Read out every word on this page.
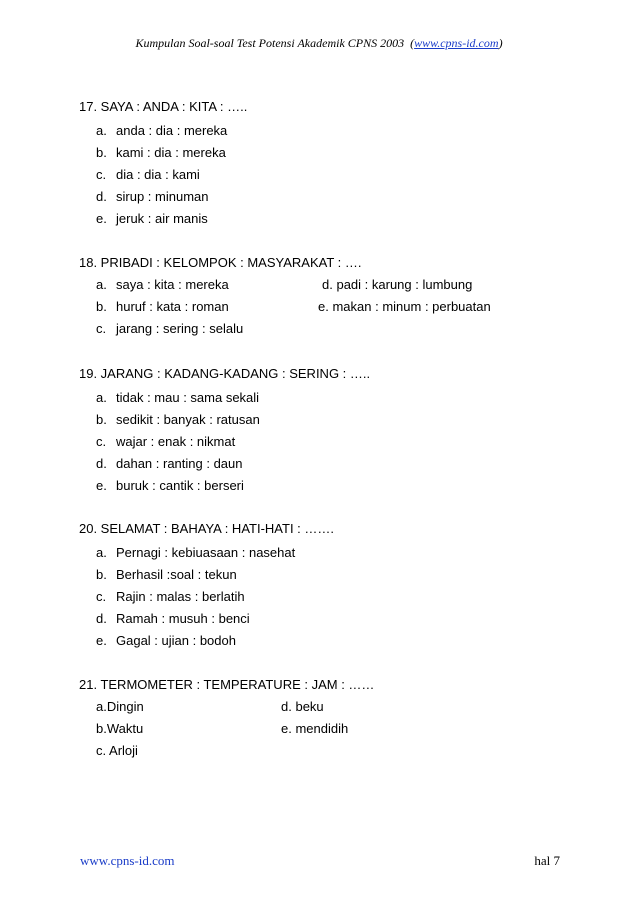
Kumpulan Soal-soal Test Potensi Akademik CPNS 2003 (www.cpns-id.com)
17. SAYA : ANDA : KITA : …..
a. anda : dia : mereka
b. kami : dia : mereka
c. dia : dia : kami
d. sirup : minuman
e. jeruk : air manis
18. PRIBADI : KELOMPOK : MASYARAKAT : ….
a. saya : kita : mereka
b. huruf : kata : roman
c. jarang : sering : selalu
d. padi : karung : lumbung
e. makan : minum : perbuatan
19. JARANG : KADANG-KADANG : SERING : …..
a. tidak : mau : sama sekali
b. sedikit : banyak : ratusan
c. wajar : enak : nikmat
d. dahan : ranting : daun
e. buruk : cantik : berseri
20. SELAMAT : BAHAYA : HATI-HATI : …….
a. Pernagi : kebiuasaan : nasehat
b. Berhasil :soal : tekun
c. Rajin : malas : berlatih
d. Ramah : musuh : benci
e. Gagal : ujian : bodoh
21. TERMOMETER : TEMPERATURE : JAM : ……
a.Dingin
b.Waktu
c. Arloji
d. beku
e. mendidih
www.cpns-id.com	hal 7
